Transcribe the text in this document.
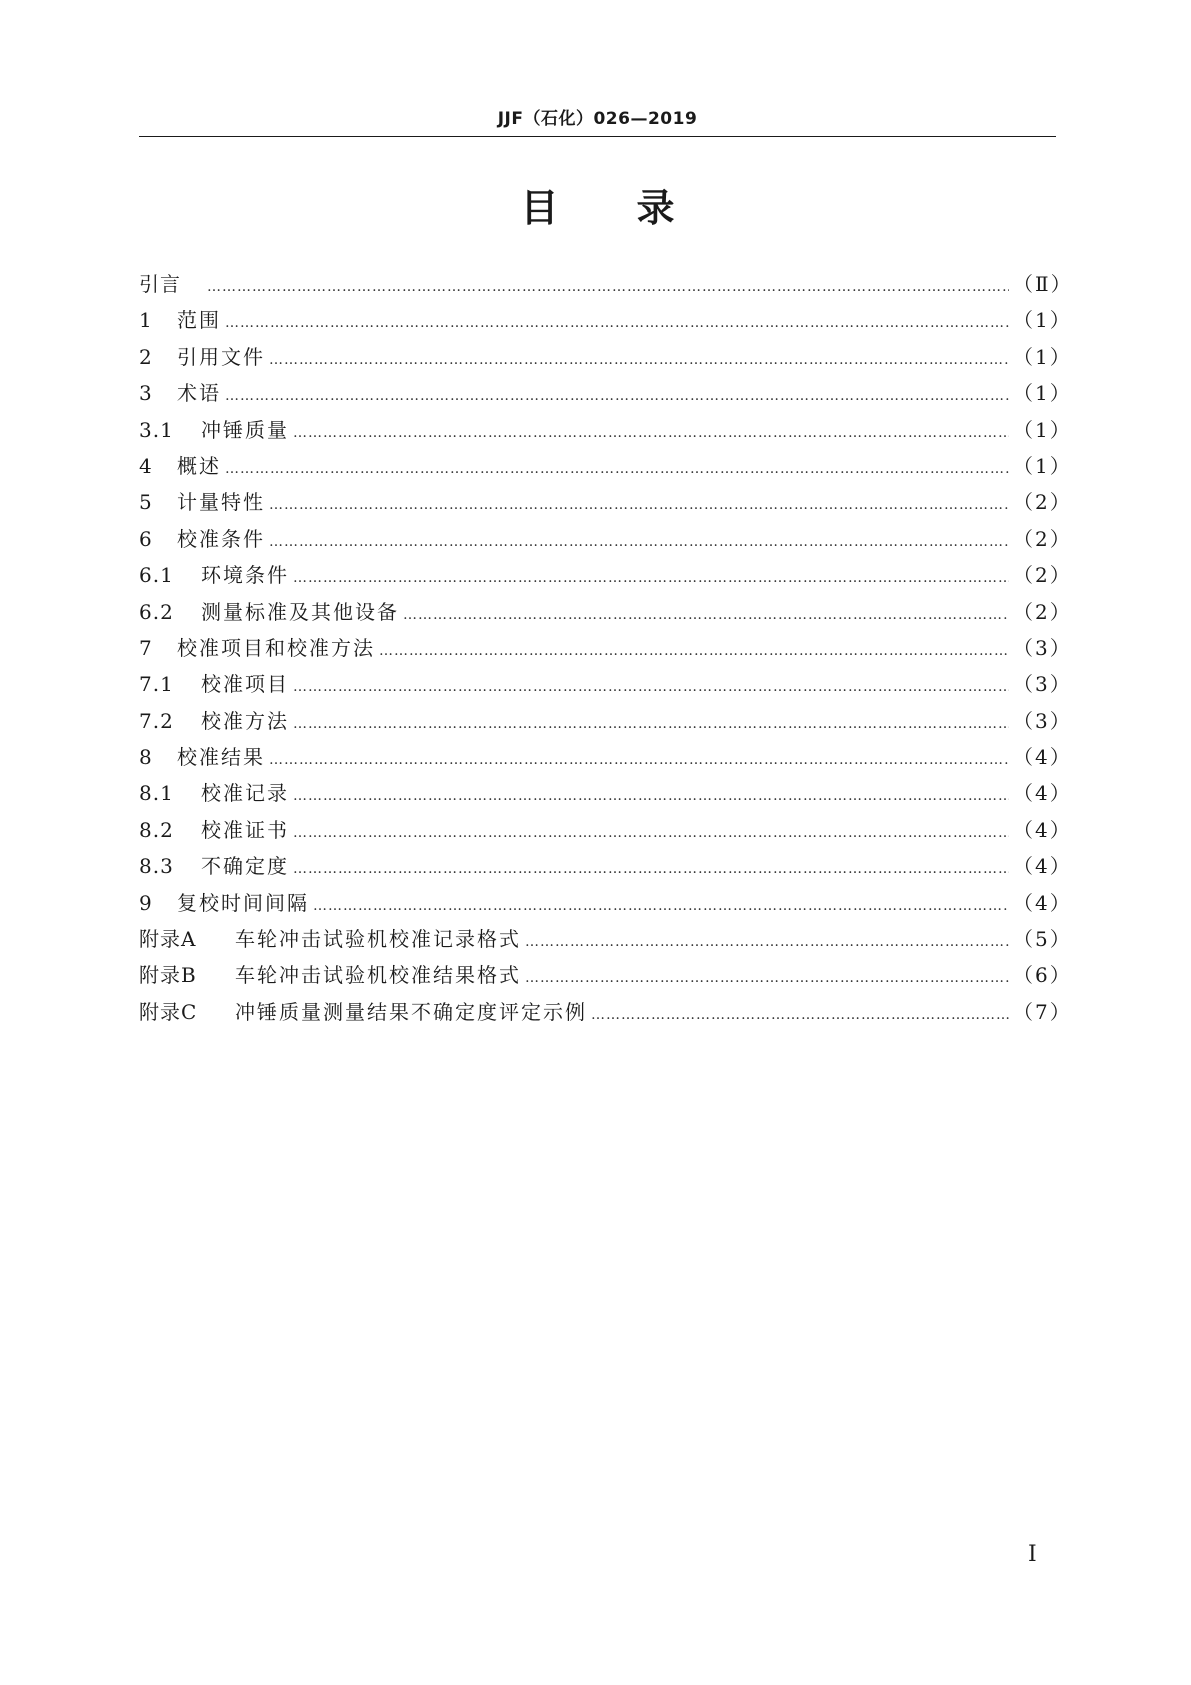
JJF（石化）026—2019
目录
引言 …………………………………………………………………………………………………………………………………………………………………………………………………………	（Ⅱ）
1	范围 …………………………………………………………………………………………………………………………………………………………………………………………………………	（1）
2	引用文件 …………………………………………………………………………………………………………………………………………………………………………………………………………	（1）
3	术语 …………………………………………………………………………………………………………………………………………………………………………………………………………	（1）
3.1	冲锤质量 …………………………………………………………………………………………………………………………………………………………………………………………………………	（1）
4	概述 …………………………………………………………………………………………………………………………………………………………………………………………………………	（1）
5	计量特性 …………………………………………………………………………………………………………………………………………………………………………………………………………	（2）
6	校准条件 …………………………………………………………………………………………………………………………………………………………………………………………………………	（2）
6.1	环境条件 …………………………………………………………………………………………………………………………………………………………………………………………………………	（2）
6.2	测量标准及其他设备 …………………………………………………………………………………………………………………………………………………………………………………………………………	（2）
7	校准项目和校准方法 …………………………………………………………………………………………………………………………………………………………………………………………………………	（3）
7.1	校准项目 …………………………………………………………………………………………………………………………………………………………………………………………………………	（3）
7.2	校准方法 …………………………………………………………………………………………………………………………………………………………………………………………………………	（3）
8	校准结果 …………………………………………………………………………………………………………………………………………………………………………………………………………	（4）
8.1	校准记录 …………………………………………………………………………………………………………………………………………………………………………………………………………	（4）
8.2	校准证书 …………………………………………………………………………………………………………………………………………………………………………………………………………	（4）
8.3	不确定度 …………………………………………………………………………………………………………………………………………………………………………………………………………	（4）
9	复校时间间隔 …………………………………………………………………………………………………………………………………………………………………………………………………………	（4）
附录A	车轮冲击试验机校准记录格式 …………………………………………………………………………………………………………………………………………………………………………………………………………	（5）
附录B	车轮冲击试验机校准结果格式 …………………………………………………………………………………………………………………………………………………………………………………………………………	（6）
附录C	冲锤质量测量结果不确定度评定示例 …………………………………………………………………………………………………………………………………………………………………………………………………………	（7）
Ⅰ
